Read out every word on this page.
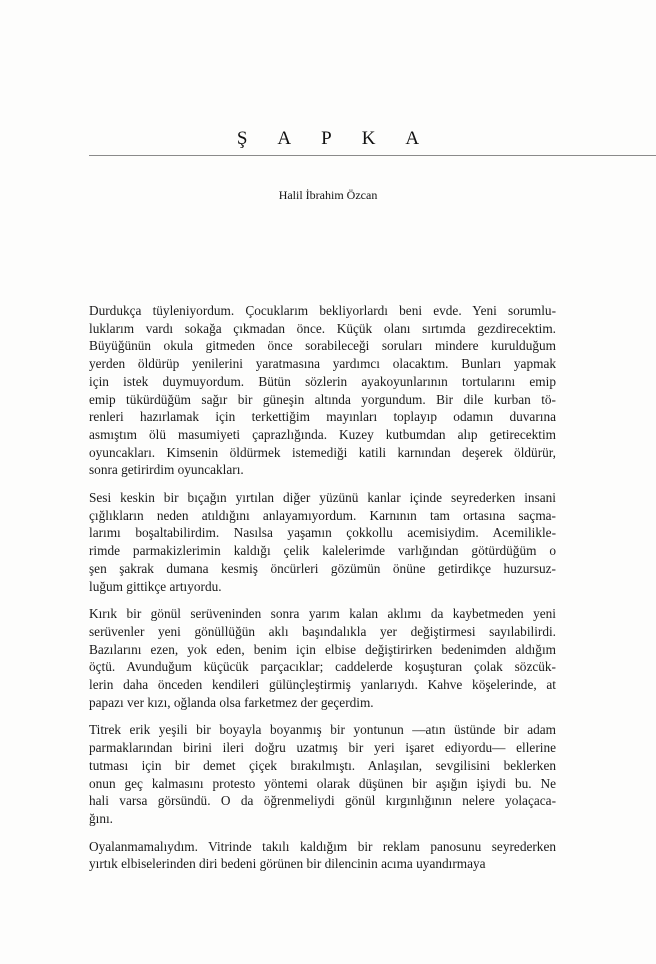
ŞAPKA
Halil İbrahim Özcan
Durdukça tüyleniyordum. Çocuklarım bekliyorlardı beni evde. Yeni sorumlu-
luklarım vardı sokağa çıkmadan önce. Küçük olanı sırtımda gezdirecektim.
Büyüğünün okula gitmeden önce sorabileceği soruları mindere kurulduğum
yerden öldürüp yenilerini yaratmasına yardımcı olacaktım. Bunları yapmak
için istek duymuyordum. Bütün sözlerin ayakoyunlarının tortularını emip
emip tükürdüğüm sağır bir güneşin altında yorgundum. Bir dile kurban tö-
renleri hazırlamak için terkettiğim mayınları toplayıp odamın duvarına
asmıştım ölü masumiyeti çaprazlığında. Kuzey kutbumdan alıp getirecektim
oyuncakları. Kimsenin öldürmek istemediği katili karnından deşerek öldürür,
sonra getirirdim oyuncakları.
Sesi keskin bir bıçağın yırtılan diğer yüzünü kanlar içinde seyrederken insani
çığlıkların neden atıldığını anlayamıyordum. Karnının tam ortasına saçma-
larımı boşaltabilirdim. Nasılsa yaşamın çokkollu acemisiydim. Acemilikle-
rimde parmakizlerimin kaldığı çelik kalelerimde varlığından götürdüğüm o
şen şakrak dumana kesmiş öncürleri gözümün önüne getirdikçe huzursuz-
luğum gittikçe artıyordu.
Kırık bir gönül serüveninden sonra yarım kalan aklımı da kaybetmeden yeni
serüvenler yeni gönüllüğün aklı başındalıkla yer değiştirmesi sayılabilirdi.
Bazılarını ezen, yok eden, benim için elbise değiştirirken bedenimden aldığım
öçtü. Avunduğum küçücük parçacıklar; caddelerde koşuşturan çolak sözcük-
lerin daha önceden kendileri gülünçleştirmiş yanlarıydı. Kahve köşelerinde, at
papazı ver kızı, oğlanda olsa farketmez der geçerdim.
Titrek erik yeşili bir boyayla boyanmış bir yontunun —atın üstünde bir adam
parmaklarından birini ileri doğru uzatmış bir yeri işaret ediyordu— ellerine
tutması için bir demet çiçek bırakılmıştı. Anlaşılan, sevgilisini beklerken
onun geç kalmasını protesto yöntemi olarak düşünen bir aşığın işiydi bu. Ne
hali varsa görsündü. O da öğrenmeliydi gönül kırgınlığının nelere yolaçaca-
ğını.
Oyalanmamalıydım. Vitrinde takılı kaldığım bir reklam panosunu seyrederken
yırtık elbiselerinden diri bedeni görünen bir dilencinin acıma uyandırmaya
